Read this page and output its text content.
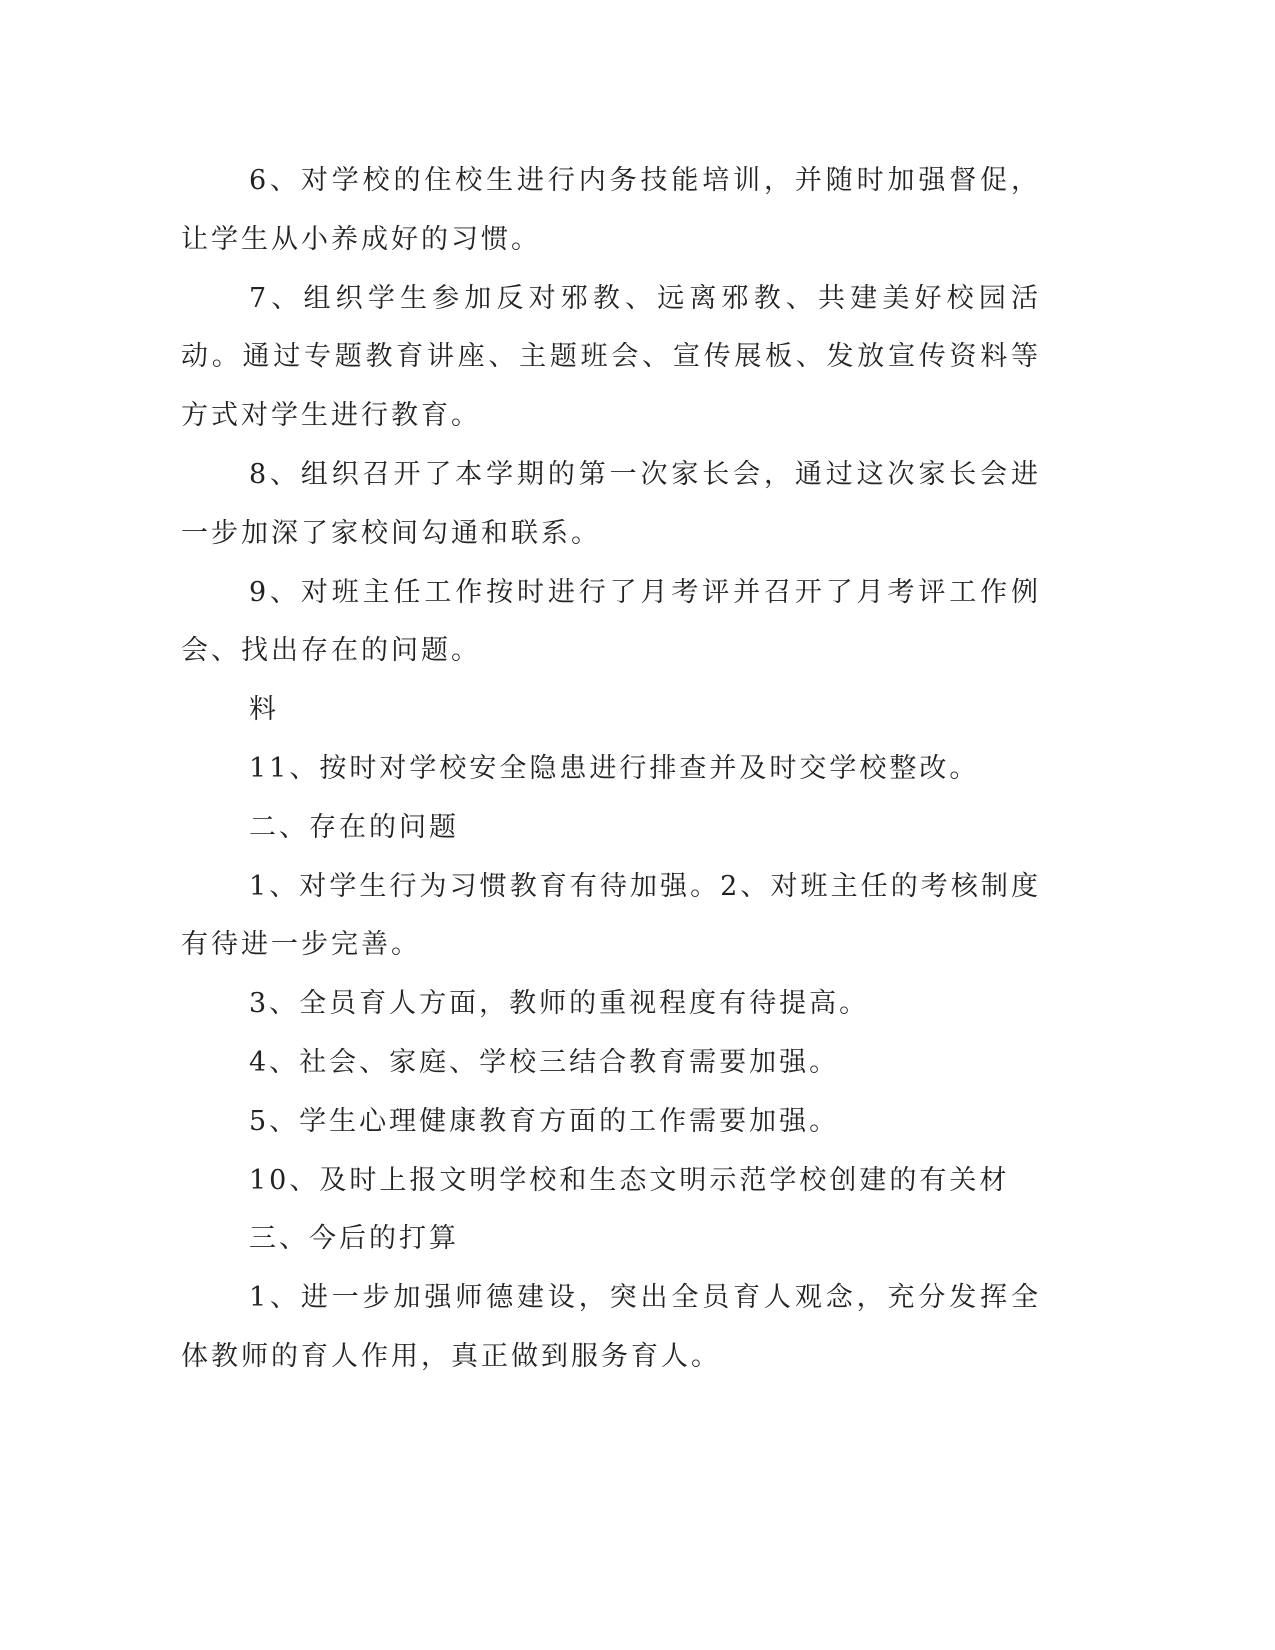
6、对学校的住校生进行内务技能培训，并随时加强督促，让学生从小养成好的习惯。

7、组织学生参加反对邪教、远离邪教、共建美好校园活动。通过专题教育讲座、主题班会、宣传展板、发放宣传资料等方式对学生进行教育。

8、组织召开了本学期的第一次家长会，通过这次家长会进一步加深了家校间勾通和联系。

9、对班主任工作按时进行了月考评并召开了月考评工作例会、找出存在的问题。

料

11、按时对学校安全隐患进行排查并及时交学校整改。

二、存在的问题

1、对学生行为习惯教育有待加强。2、对班主任的考核制度有待进一步完善。

3、全员育人方面，教师的重视程度有待提高。

4、社会、家庭、学校三结合教育需要加强。

5、学生心理健康教育方面的工作需要加强。

10、及时上报文明学校和生态文明示范学校创建的有关材

三、今后的打算

1、进一步加强师德建设，突出全员育人观念，充分发挥全体教师的育人作用，真正做到服务育人。
